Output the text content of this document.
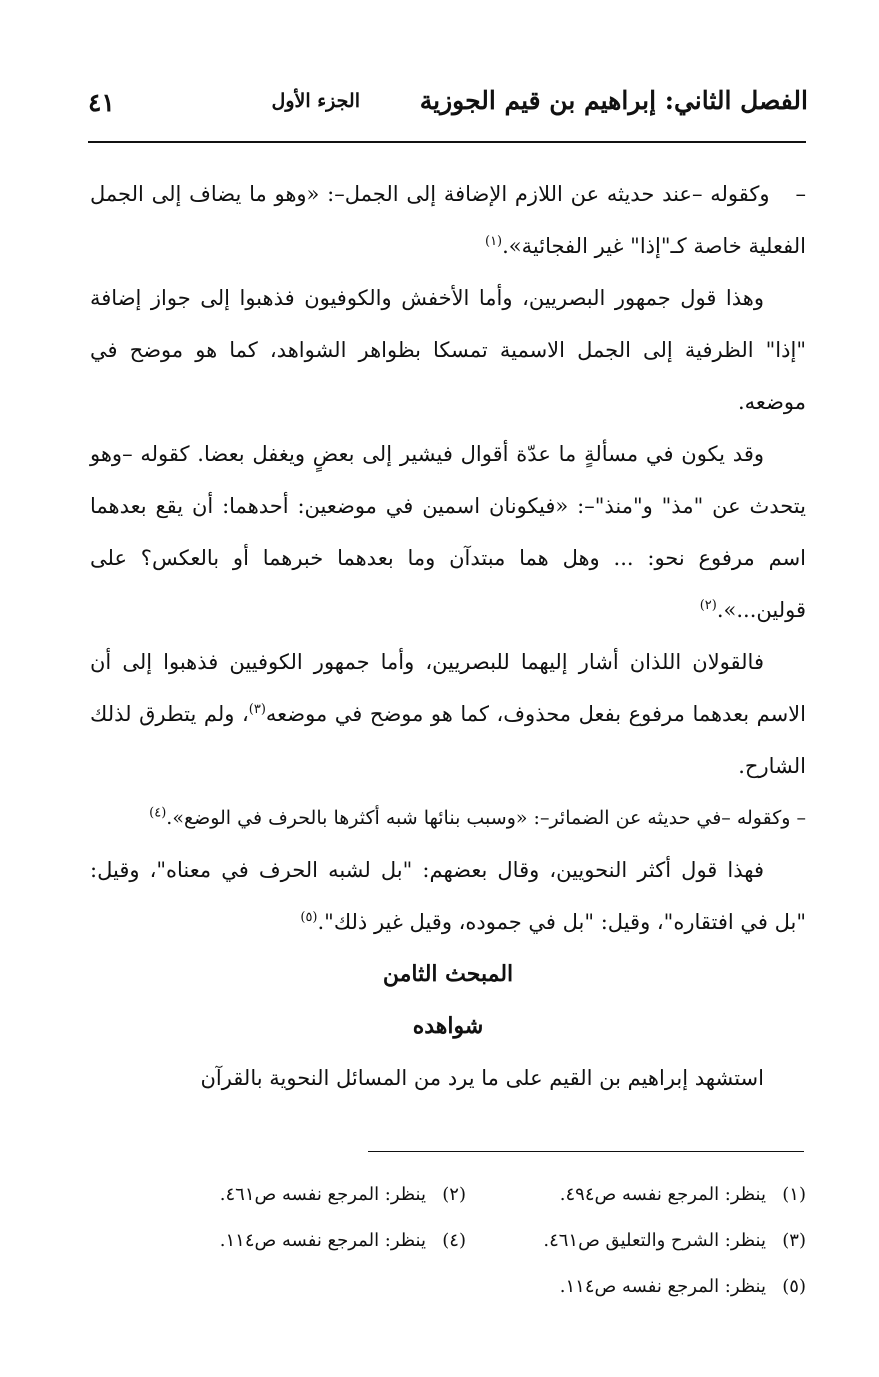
الفصل الثاني: إبراهيم بن قيم الجوزية
الجزء الأول
٤١

–وكقوله –عند حديثه عن اللازم الإضافة إلى الجمل–: «وهو ما يضاف إلى الجمل الفعلية خاصة كـ"إذا" غير الفجائية».$^{(١)}$

وهذا قول جمهور البصريين، وأما الأخفش والكوفيون فذهبوا إلى جواز إضافة "إذا" الظرفية إلى الجمل الاسمية تمسكا بظواهر الشواهد، كما هو موضح في موضعه.

وقد يكون في مسألةٍ ما عدّة أقوال فيشير إلى بعضٍ ويغفل بعضا. كقوله –وهو يتحدث عن "مذ" و"منذ"–: «فيكونان اسمين في موضعين: أحدهما: أن يقع بعدهما اسم مرفوع نحو: ... وهل هما مبتدآن وما بعدهما خبرهما أو بالعكس؟ على قولين...».$^{(٢)}$

فالقولان اللذان أشار إليهما للبصريين، وأما جمهور الكوفيين فذهبوا إلى أن الاسم بعدهما مرفوع بفعل محذوف، كما هو موضح في موضعه$^{(٣)}$، ولم يتطرق لذلك الشارح.

– وكقوله –في حديثه عن الضمائر–: «وسبب بنائها شبه أكثرها بالحرف في الوضع».$^{(٤)}$

فهذا قول أكثر النحويين، وقال بعضهم: "بل لشبه الحرف في معناه"، وقيل: "بل في افتقاره"، وقيل: "بل في جموده، وقيل غير ذلك".$^{(٥)}$

المبحث الثامن

شواهده

استشهد إبراهيم بن القيم على ما يرد من المسائل النحوية بالقرآن

(١)ينظر: المرجع نفسه ص٤٩٤.
(٢)ينظر: المرجع نفسه ص٤٦١.
(٣)ينظر: الشرح والتعليق ص٤٦١.
(٤)ينظر: المرجع نفسه ص١١٤.
(٥)ينظر: المرجع نفسه ص١١٤.
